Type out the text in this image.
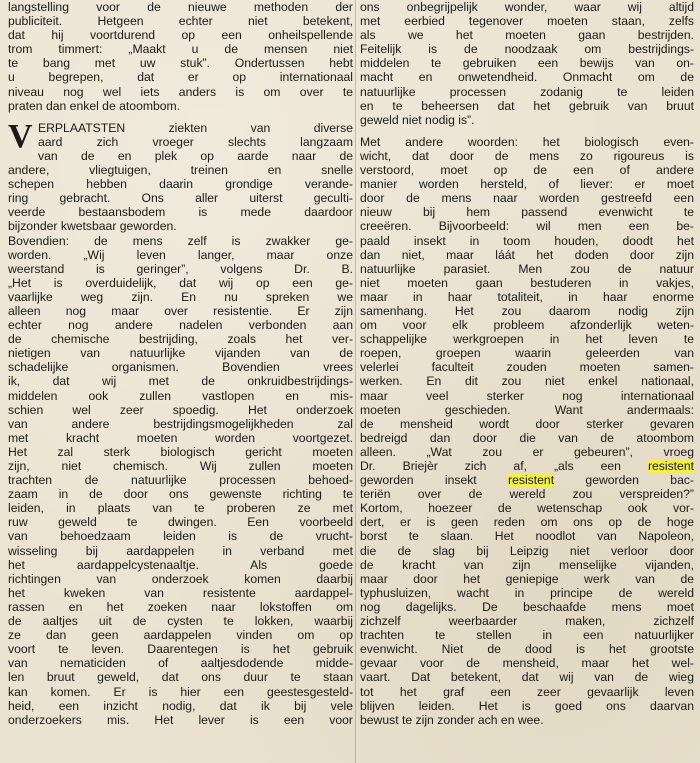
langstelling voor de nieuwe methoden der
publiciteit. Hetgeen echter niet betekent,
dat hij voortdurend op een onheilspellende
trom timmert: „Maakt u de mensen niet
te bang met uw stuk”. Ondertussen hebt
u begrepen, dat er op internationaal
niveau nog wel iets anders is om over te
praten dan enkel de atoombom.
V ERPLAATSTEN ziekten van diverse
aard zich vroeger slechts langzaam
van de en plek op aarde naar de
andere, vliegtuigen, treinen en snelle
schepen hebben daarin grondige verande-
ring gebracht. Ons aller uiterst geculti-
veerde bestaansbodem is mede daardoor
bijzonder kwetsbaar geworden.
Bovendien: de mens zelf is zwakker ge-
worden. „Wij leven langer, maar onze
weerstand is geringer”, volgens Dr. B.
„Het is overduidelijk, dat wij op een ge-
vaarlijke weg zijn. En nu spreken we
alleen nog maar over resistentie. Er zijn
echter nog andere nadelen verbonden aan
de chemische bestrijding, zoals het ver-
nietigen van natuurlijke vijanden van de
schadelijke organismen. Bovendien vrees
ik, dat wij met de onkruidbestrijdings-
middelen ook zullen vastlopen en mis-
schien wel zeer spoedig. Het onderzoek
van andere bestrijdingsmogelijkheden zal
met kracht moeten worden voortgezet.
Het zal sterk biologisch gericht moeten
zijn, niet chemisch. Wij zullen moeten
trachten de natuurlijke processen behoed-
zaam in de door ons gewenste richting te
leiden, in plaats van te proberen ze met
ruw geweld te dwingen. Een voorbeeld
van behoedzaam leiden is de vrucht-
wisseling bij aardappelen in verband met
het aardappelcystenaaltje. Als goede
richtingen van onderzoek komen daarbij
het kweken van resistente aardappel-
rassen en het zoeken naar lokstoffen om
de aaltjes uit de cysten te lokken, waarbij
ze dan geen aardappelen vinden om op
voort te leven. Daarentegen is het gebruik
van nematiciden of aaltjesdodende midde-
len bruut geweld, dat ons duur te staan
kan komen. Er is hier een geestesgesteld-
heid, een inzicht nodig, dat ik bij vele
onderzoekers mis. Het lever is een voor
ons onbegrijpelijk wonder, waar wij altijd
met eerbied tegenover moeten staan, zelfs
als we het moeten gaan bestrijden.
Feitelijk is de noodzaak om bestrijdings-
middelen te gebruiken een bewijs van on-
macht en onwetendheid. Onmacht om de
natuurlijke processen zodanig te leiden
en te beheersen dat het gebruik van bruut
geweld niet nodig is”.
Met andere woorden: het biologisch even-
wicht, dat door de mens zo rigoureus is
verstoord, moet op de een of andere
manier worden hersteld, of liever: er moet
door de mens naar worden gestreefd een
nieuw bij hem passend evenwicht te
creeëren. Bijvoorbeeld: wil men een be-
paald insekt in toom houden, doodt het
dan niet, maar láát het doden door zijn
natuurlijke parasiet. Men zou de natuur
niet moeten gaan bestuderen in vakjes,
maar in haar totaliteit, in haar enorme
samenhang. Het zou daarom nodig zijn
om voor elk probleem afzonderlijk weten-
schappelijke werkgroepen in het leven te
roepen, groepen waarin geleerden van
velerlei faculteit zouden moeten samen-
werken. En dit zou niet enkel nationaal,
maar veel sterker nog internationaal
moeten geschieden. Want andermaals:
de mensheid wordt door sterker gevaren
bedreigd dan door die van de atoombom
alleen. „Wat zou er gebeuren”, vroeg
Dr. Briejèr zich af, „als een resistent
geworden insekt resistent geworden bac-
teriën over de wereld zou verspreiden?”
Kortom, hoezeer de wetenschap ook vor-
dert, er is geen reden om ons op de hoge
borst te slaan. Het noodlot van Napoleon,
die de slag bij Leipzig niet verloor door
de kracht van zijn menselijke vijanden,
maar door het geniepige werk van de
typhusluizen, wacht in principe de wereld
nog dagelijks. De beschaafde mens moet
zichzelf weerbaarder maken, zichzelf
trachten te stellen in een natuurlijker
evenwicht. Niet de dood is het grootste
gevaar voor de mensheid, maar het wel-
vaart. Dat betekent, dat wij van de wieg
tot het graf een zeer gevaarlijk leven
blijven leiden. Het is goed ons daarvan
bewust te zijn zonder ach en wee.
